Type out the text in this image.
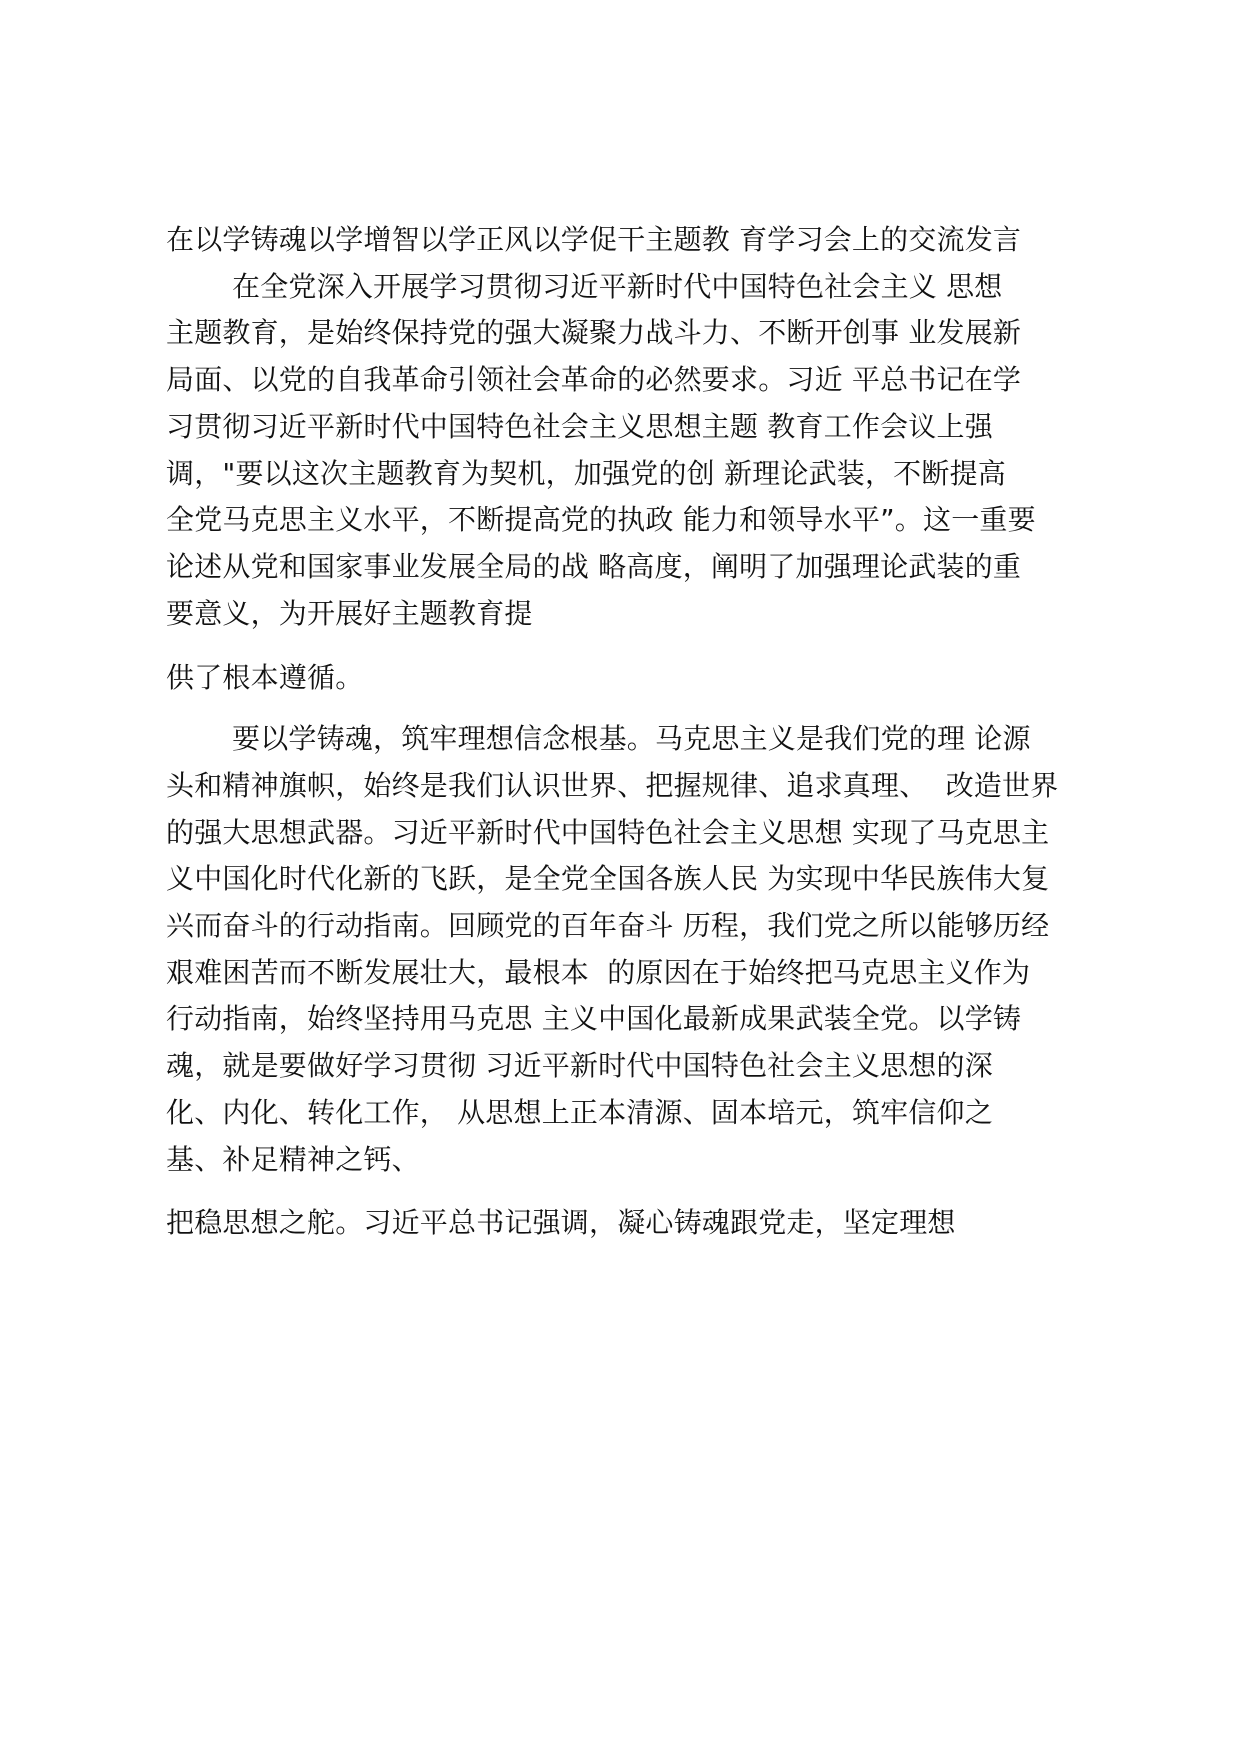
在以学铸魂以学增智以学正风以学促干主题教 育学习会上的交流发言
在全党深入开展学习贯彻习近平新时代中国特色社会主义 思想
主题教育，是始终保持党的强大凝聚力战斗力、不断开创事 业发展新
局面、以党的自我革命引领社会革命的必然要求。习近 平总书记在学
习贯彻习近平新时代中国特色社会主义思想主题 教育工作会议上强
调，"要以这次主题教育为契机，加强党的创 新理论武装，不断提高
全党马克思主义水平，不断提高党的执政 能力和领导水平”。这一重要
论述从党和国家事业发展全局的战 略高度，阐明了加强理论武装的重
要意义，为开展好主题教育提
供了根本遵循。
要以学铸魂，筑牢理想信念根基。马克思主义是我们党的理 论源
头和精神旗帜，始终是我们认识世界、把握规律、追求真理、  改造世界
的强大思想武器。习近平新时代中国特色社会主义思想 实现了马克思主
义中国化时代化新的飞跃，是全党全国各族人民 为实现中华民族伟大复
兴而奋斗的行动指南。回顾党的百年奋斗 历程，我们党之所以能够历经
艰难困苦而不断发展壮大，最根本  的原因在于始终把马克思主义作为
行动指南，始终坚持用马克思 主义中国化最新成果武装全党。以学铸
魂，就是要做好学习贯彻 习近平新时代中国特色社会主义思想的深
化、内化、转化工作， 从思想上正本清源、固本培元，筑牢信仰之
基、补足精神之钙、
把稳思想之舵。习近平总书记强调，凝心铸魂跟党走，坚定理想
